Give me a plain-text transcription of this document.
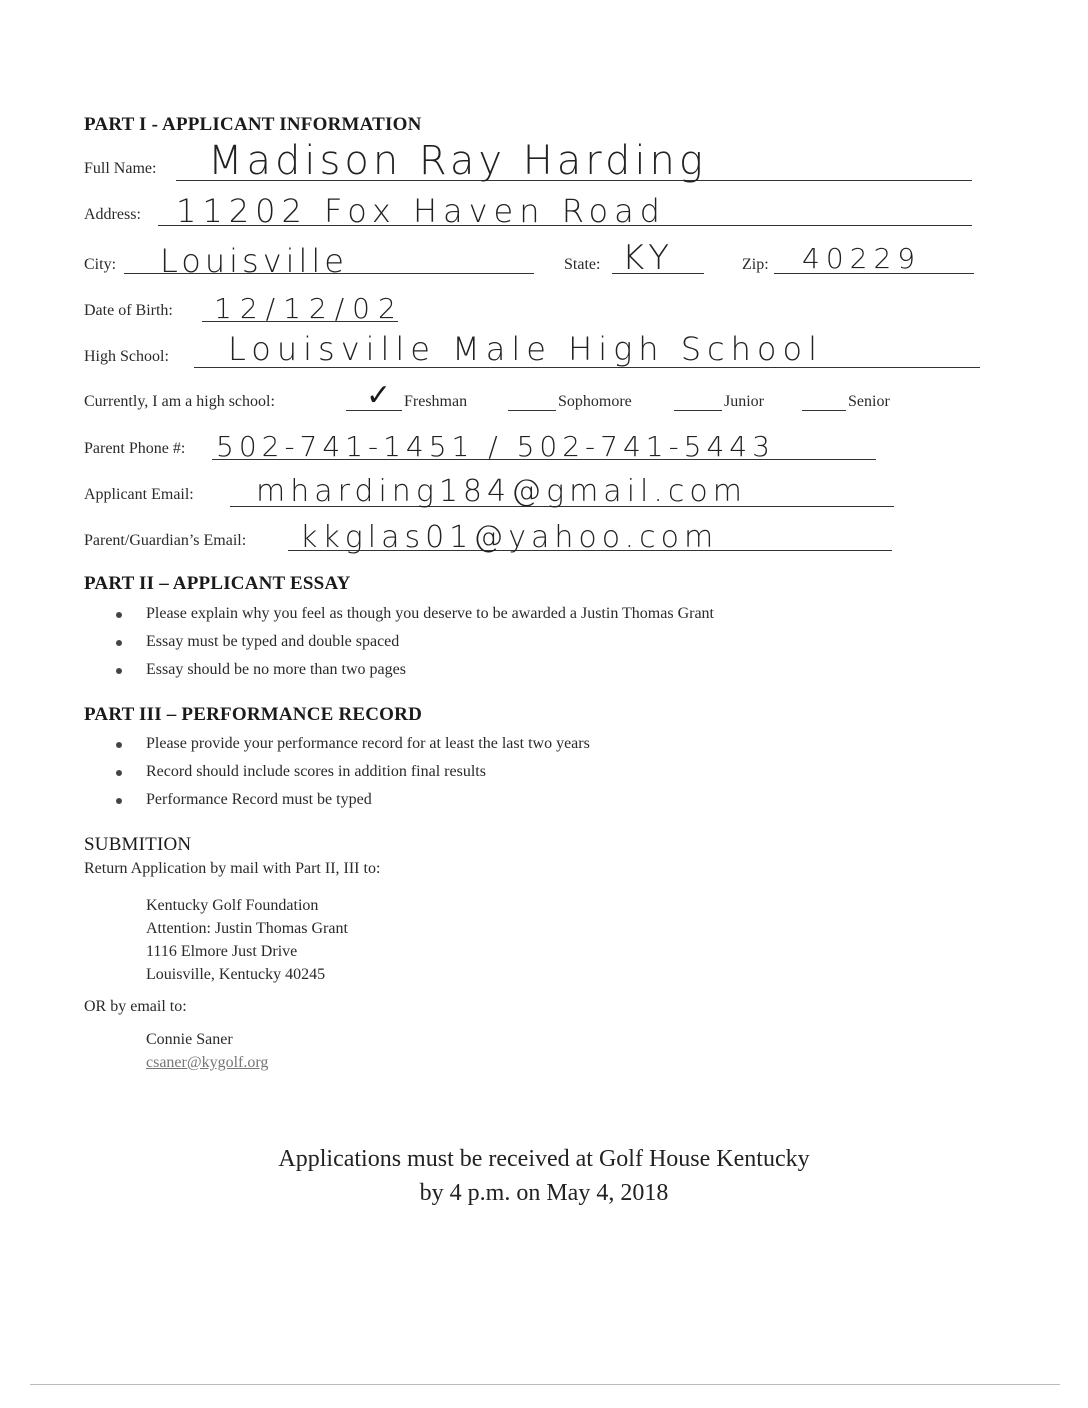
PART I - APPLICANT INFORMATION
Full Name: Madison Ray Harding
Address: 11202 Fox Haven Road
City: Louisville	State: KY	Zip: 40229
Date of Birth: 12/12/02
High School: Louisville Male High School
Currently, I am a high school:	✓ Freshman	Sophomore	Junior	Senior
Parent Phone #: 502-741-1451 / 502-741-5443
Applicant Email: mharding184@gmail.com
Parent/Guardian’s Email: kkglas01@yahoo.com
PART II – APPLICANT ESSAY
Please explain why you feel as though you deserve to be awarded a Justin Thomas Grant
Essay must be typed and double spaced
Essay should be no more than two pages
PART III – PERFORMANCE RECORD
Please provide your performance record for at least the last two years
Record should include scores in addition final results
Performance Record must be typed
SUBMITION
Return Application by mail with Part II, III to:
Kentucky Golf Foundation
Attention: Justin Thomas Grant
1116 Elmore Just Drive
Louisville, Kentucky 40245
OR by email to:
Connie Saner
csaner@kygolf.org
Applications must be received at Golf House Kentucky
by 4 p.m. on May 4, 2018
